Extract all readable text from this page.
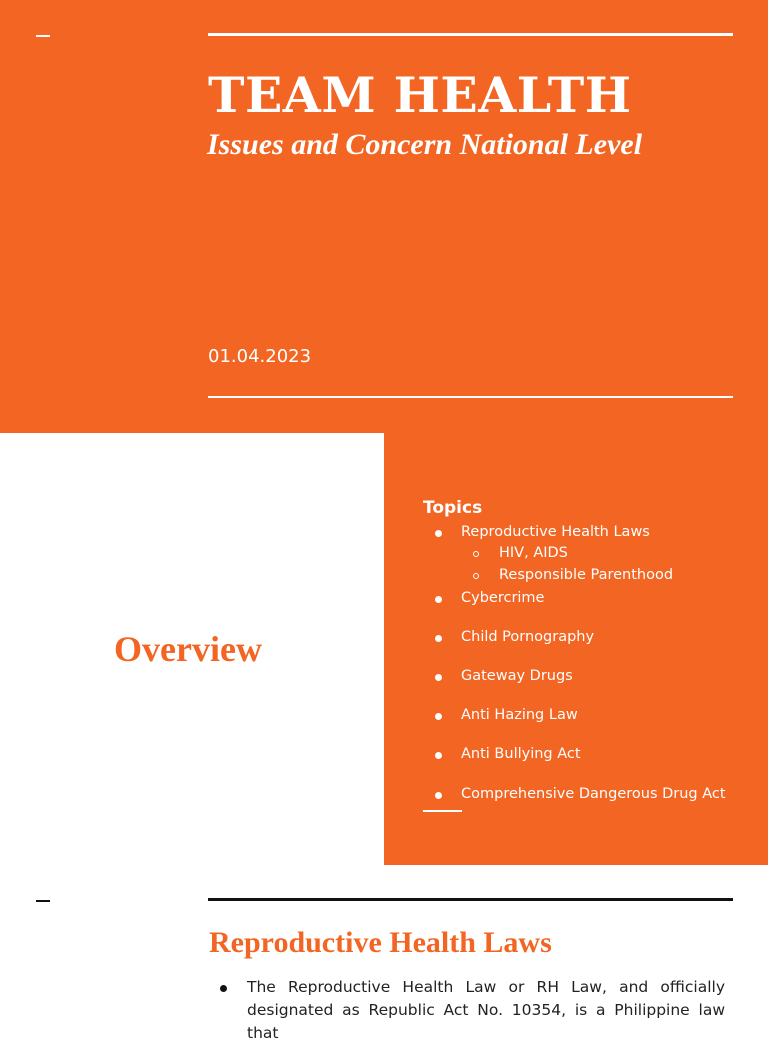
TEAM HEALTH
Issues and Concern National Level
01.04.2023
Overview
Topics
Reproductive Health Laws
HIV, AIDS
Responsible Parenthood
Cybercrime
Child Pornography
Gateway Drugs
Anti Hazing Law
Anti Bullying Act
Comprehensive Dangerous Drug Act
Reproductive Health Laws
The Reproductive Health Law or RH Law, and officially designated as Republic Act No. 10354, is a Philippine law that
